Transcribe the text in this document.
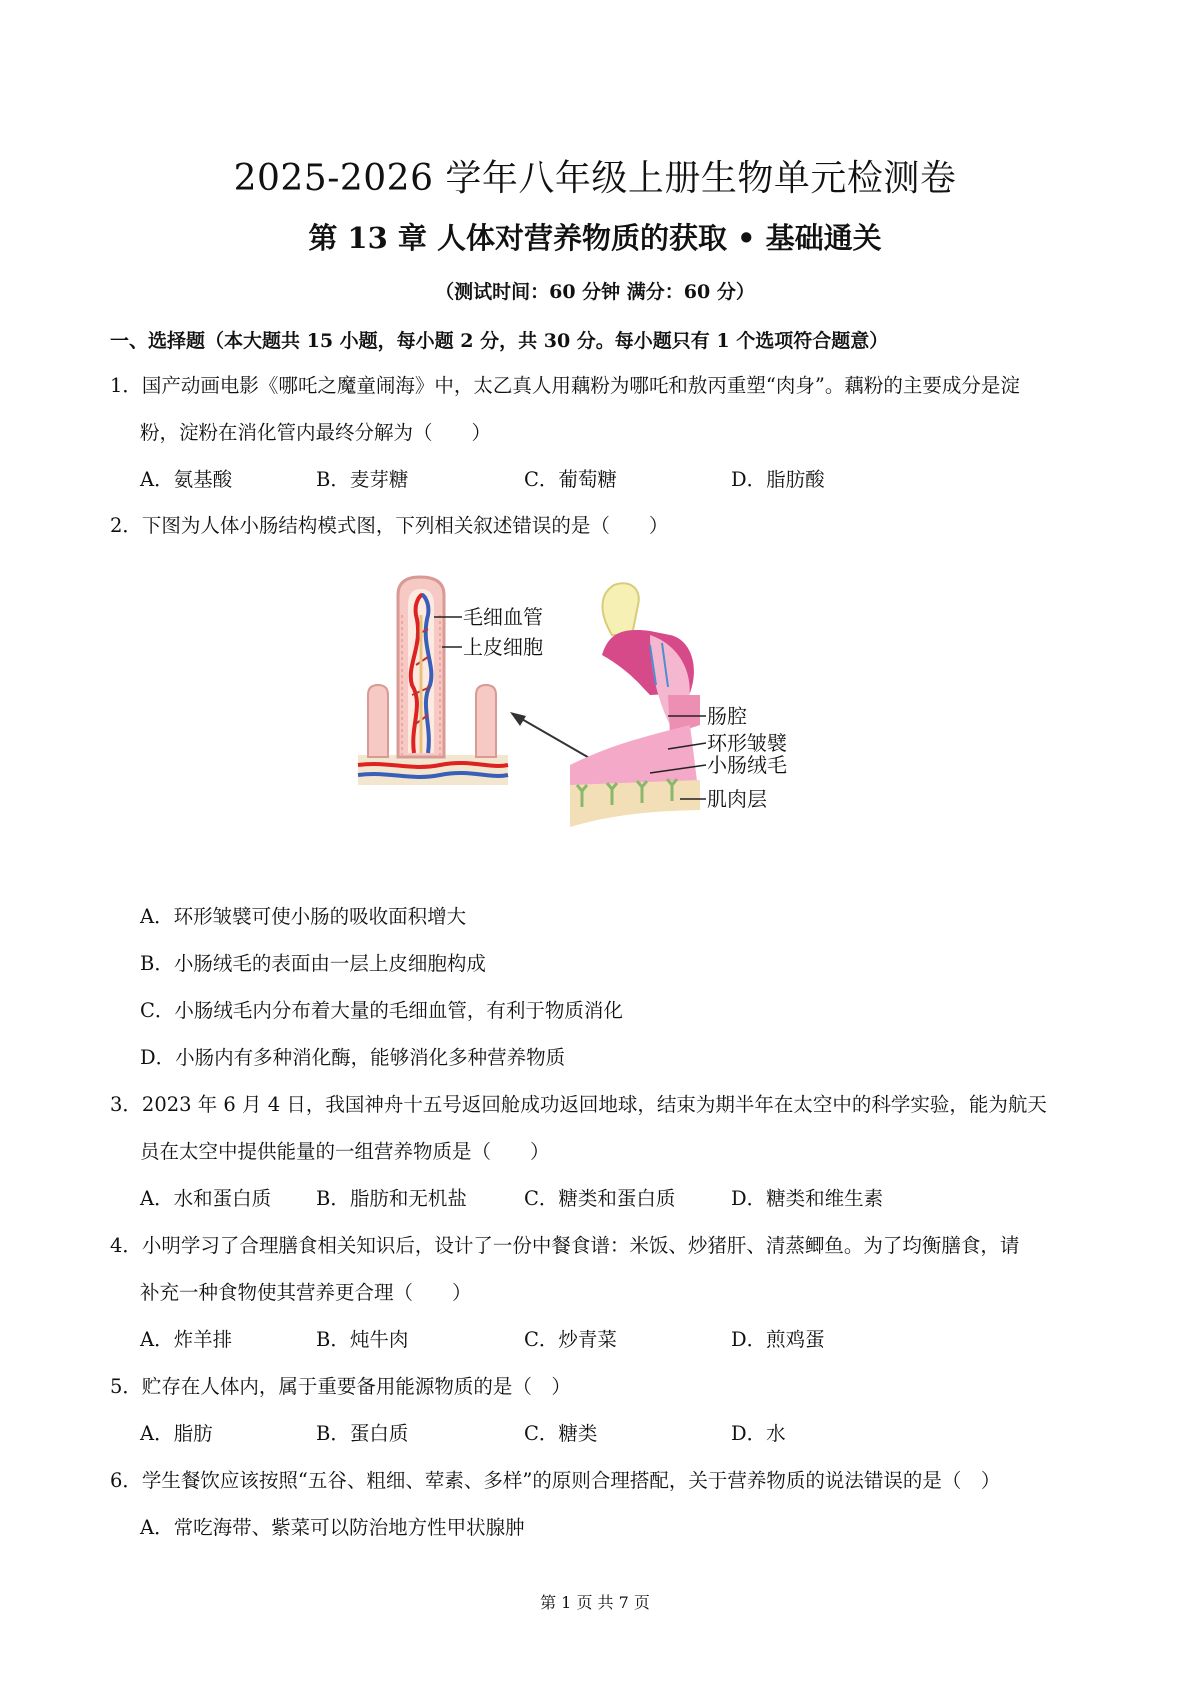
2025-2026 学年八年级上册生物单元检测卷
第 13 章 人体对营养物质的获取 • 基础通关
（测试时间：60 分钟 满分：60 分）
一、选择题（本大题共 15 小题，每小题 2 分，共 30 分。每小题只有 1 个选项符合题意）
1．国产动画电影《哪吒之魔童闹海》中，太乙真人用藕粉为哪吒和敖丙重塑“肉身”。藕粉的主要成分是淀
粉，淀粉在消化管内最终分解为（　　）
A．氨基酸	B．麦芽糖	C．葡萄糖	D．脂肪酸
2．下图为人体小肠结构模式图，下列相关叙述错误的是（　　）
毛细血管
上皮细胞
肠腔
环形皱襞
小肠绒毛
肌肉层
A．环形皱襞可使小肠的吸收面积增大
B．小肠绒毛的表面由一层上皮细胞构成
C．小肠绒毛内分布着大量的毛细血管，有利于物质消化
D．小肠内有多种消化酶，能够消化多种营养物质
3．2023 年 6 月 4 日，我国神舟十五号返回舱成功返回地球，结束为期半年在太空中的科学实验，能为航天
员在太空中提供能量的一组营养物质是（　　）
A．水和蛋白质 B．脂肪和无机盐	C．糖类和蛋白质	D．糖类和维生素
4．小明学习了合理膳食相关知识后，设计了一份中餐食谱：米饭、炒猪肝、清蒸鲫鱼。为了均衡膳食，请
补充一种食物使其营养更合理（　　）
A．炸羊排	B．炖牛肉	C．炒青菜	D．煎鸡蛋
5．贮存在人体内，属于重要备用能源物质的是（　）
A．脂肪	B．蛋白质	C．糖类	D．水
6．学生餐饮应该按照“五谷、粗细、荤素、多样”的原则合理搭配，关于营养物质的说法错误的是（　）
A．常吃海带、紫菜可以防治地方性甲状腺肿
第 1 页 共 7 页
